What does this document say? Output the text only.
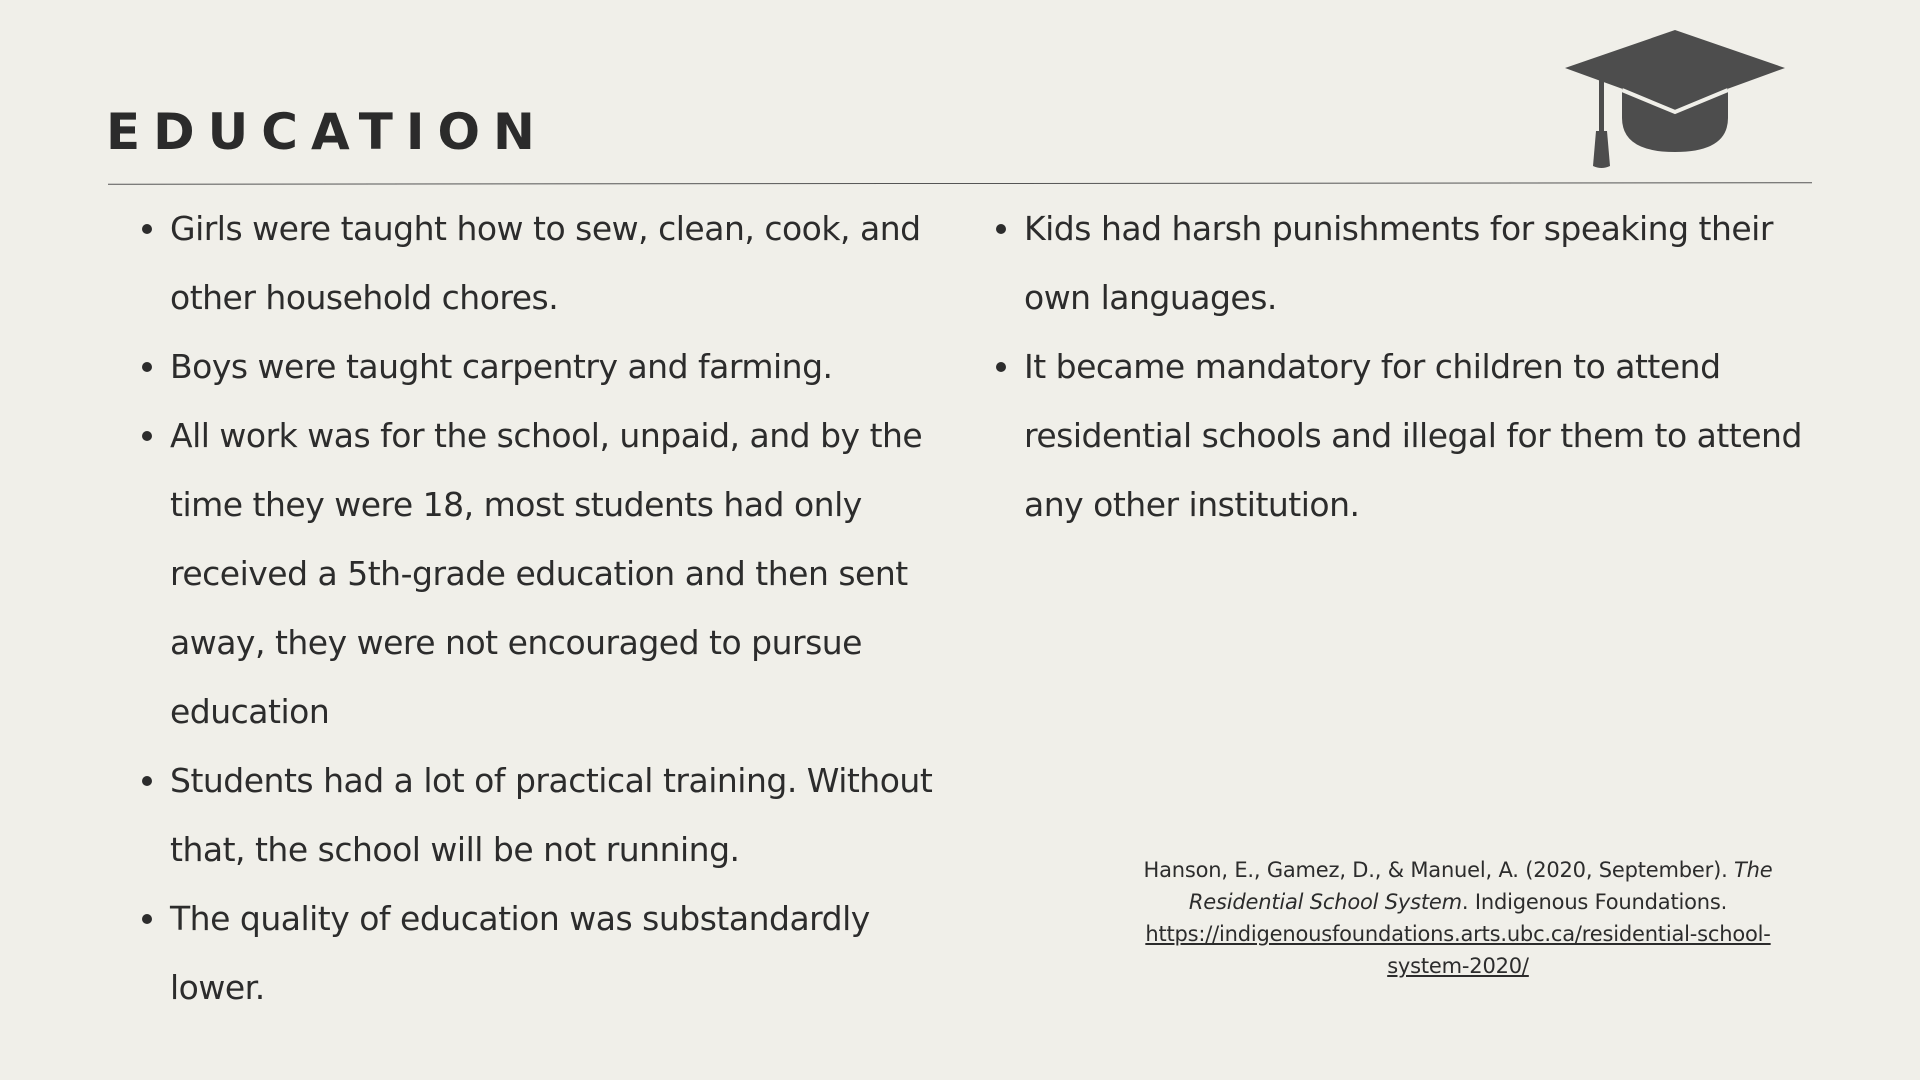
EDUCATION
Girls were taught how to sew, clean, cook, and other household chores.
Boys were taught carpentry and farming.
All work was for the school, unpaid, and by the time they were 18, most students had only received a 5th-grade education and then sent away, they were not encouraged to pursue education
Students had a lot of practical training. Without that, the school will be not running.
The quality of education was substandardly lower.
Kids had harsh punishments for speaking their own languages.
It became mandatory for children to attend residential schools and illegal for them to attend any other institution.
Hanson, E., Gamez, D., & Manuel, A. (2020, September). The Residential School System. Indigenous Foundations.
https://indigenousfoundations.arts.ubc.ca/residential-school-system-2020/
